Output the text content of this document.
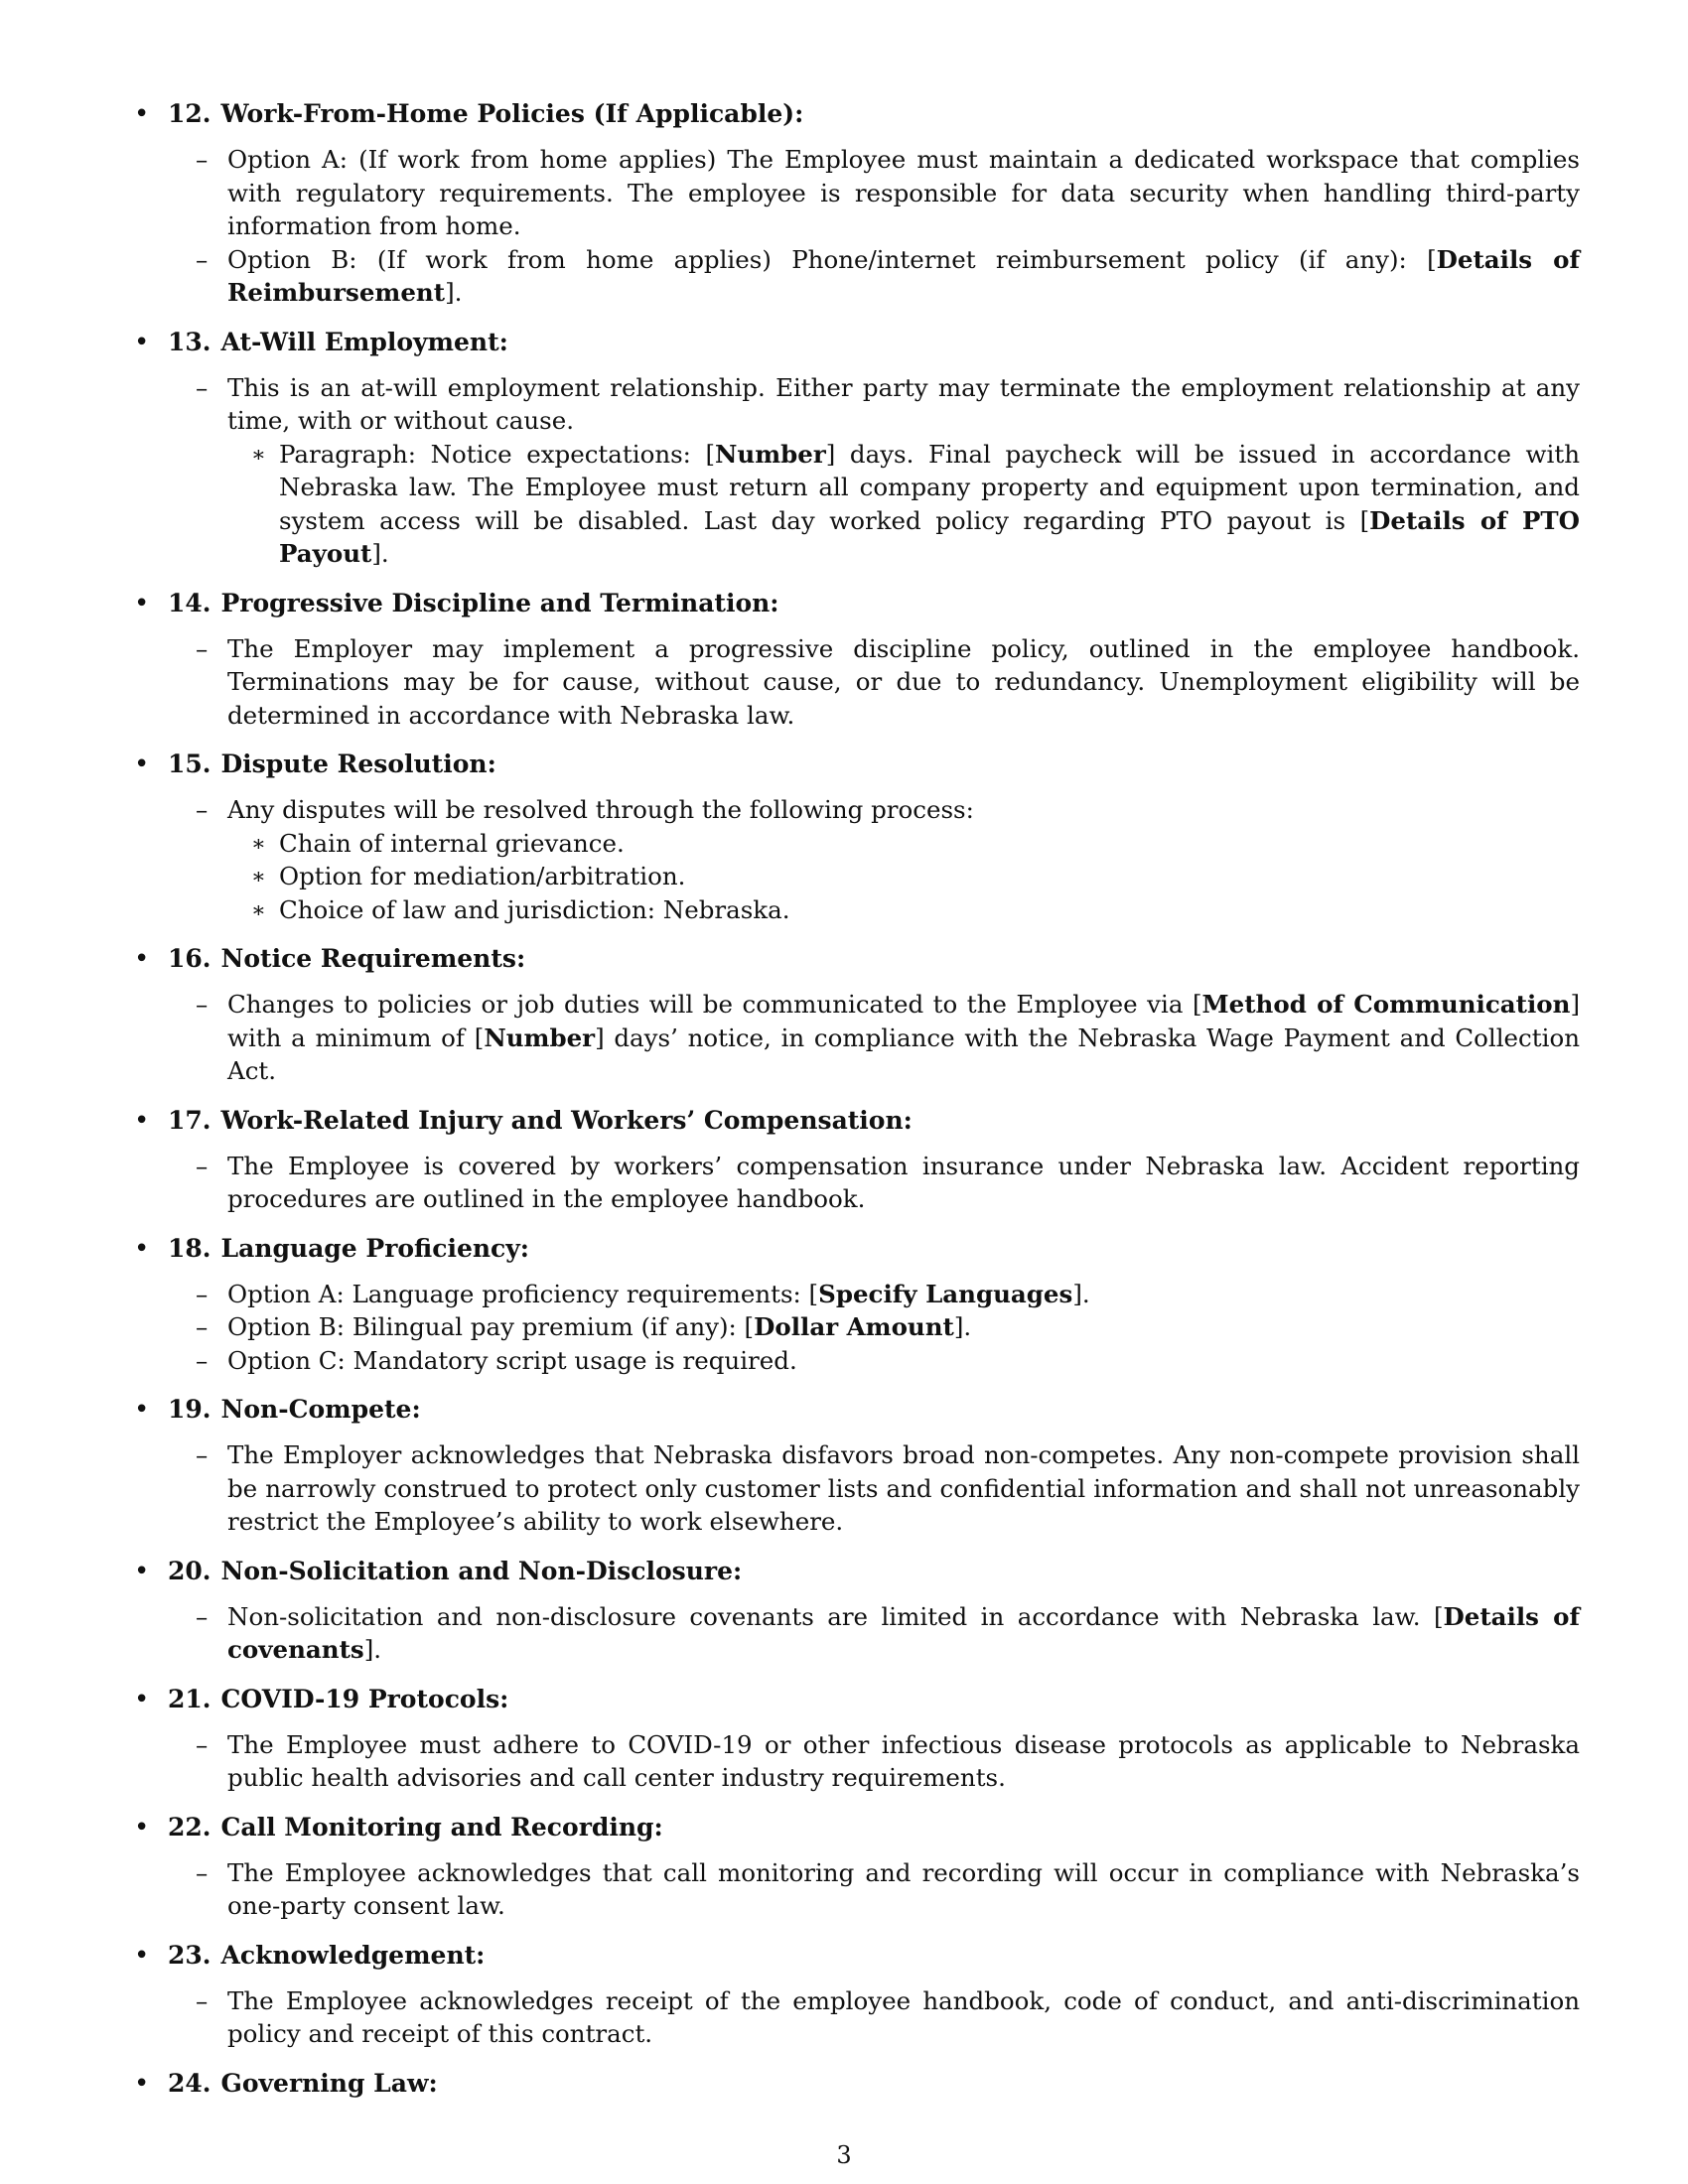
• 12. Work-From-Home Policies (If Applicable):
– Option A: (If work from home applies) The Employee must maintain a dedicated workspace that complies with regulatory requirements. The employee is responsible for data security when handling third-party information from home.
– Option B: (If work from home applies) Phone/internet reimbursement policy (if any): [Details of Reimbursement].
• 13. At-Will Employment:
– This is an at-will employment relationship. Either party may terminate the employment relationship at any time, with or without cause.
∗ Paragraph: Notice expectations: [Number] days. Final paycheck will be issued in accordance with Nebraska law. The Employee must return all company property and equipment upon termination, and system access will be disabled. Last day worked policy regarding PTO payout is [Details of PTO Payout].
• 14. Progressive Discipline and Termination:
– The Employer may implement a progressive discipline policy, outlined in the employee handbook. Terminations may be for cause, without cause, or due to redundancy. Unemployment eligibility will be determined in accordance with Nebraska law.
• 15. Dispute Resolution:
– Any disputes will be resolved through the following process:
∗ Chain of internal grievance.
∗ Option for mediation/arbitration.
∗ Choice of law and jurisdiction: Nebraska.
• 16. Notice Requirements:
– Changes to policies or job duties will be communicated to the Employee via [Method of Communication] with a minimum of [Number] days’ notice, in compliance with the Nebraska Wage Payment and Collection Act.
• 17. Work-Related Injury and Workers’ Compensation:
– The Employee is covered by workers’ compensation insurance under Nebraska law. Accident reporting procedures are outlined in the employee handbook.
• 18. Language Proficiency:
– Option A: Language proficiency requirements: [Specify Languages].
– Option B: Bilingual pay premium (if any): [Dollar Amount].
– Option C: Mandatory script usage is required.
• 19. Non-Compete:
– The Employer acknowledges that Nebraska disfavors broad non-competes. Any non-compete provision shall be narrowly construed to protect only customer lists and confidential information and shall not unreasonably restrict the Employee’s ability to work elsewhere.
• 20. Non-Solicitation and Non-Disclosure:
– Non-solicitation and non-disclosure covenants are limited in accordance with Nebraska law. [Details of covenants].
• 21. COVID-19 Protocols:
– The Employee must adhere to COVID-19 or other infectious disease protocols as applicable to Nebraska public health advisories and call center industry requirements.
• 22. Call Monitoring and Recording:
– The Employee acknowledges that call monitoring and recording will occur in compliance with Nebraska’s one-party consent law.
• 23. Acknowledgement:
– The Employee acknowledges receipt of the employee handbook, code of conduct, and anti-discrimination policy and receipt of this contract.
• 24. Governing Law:
3
